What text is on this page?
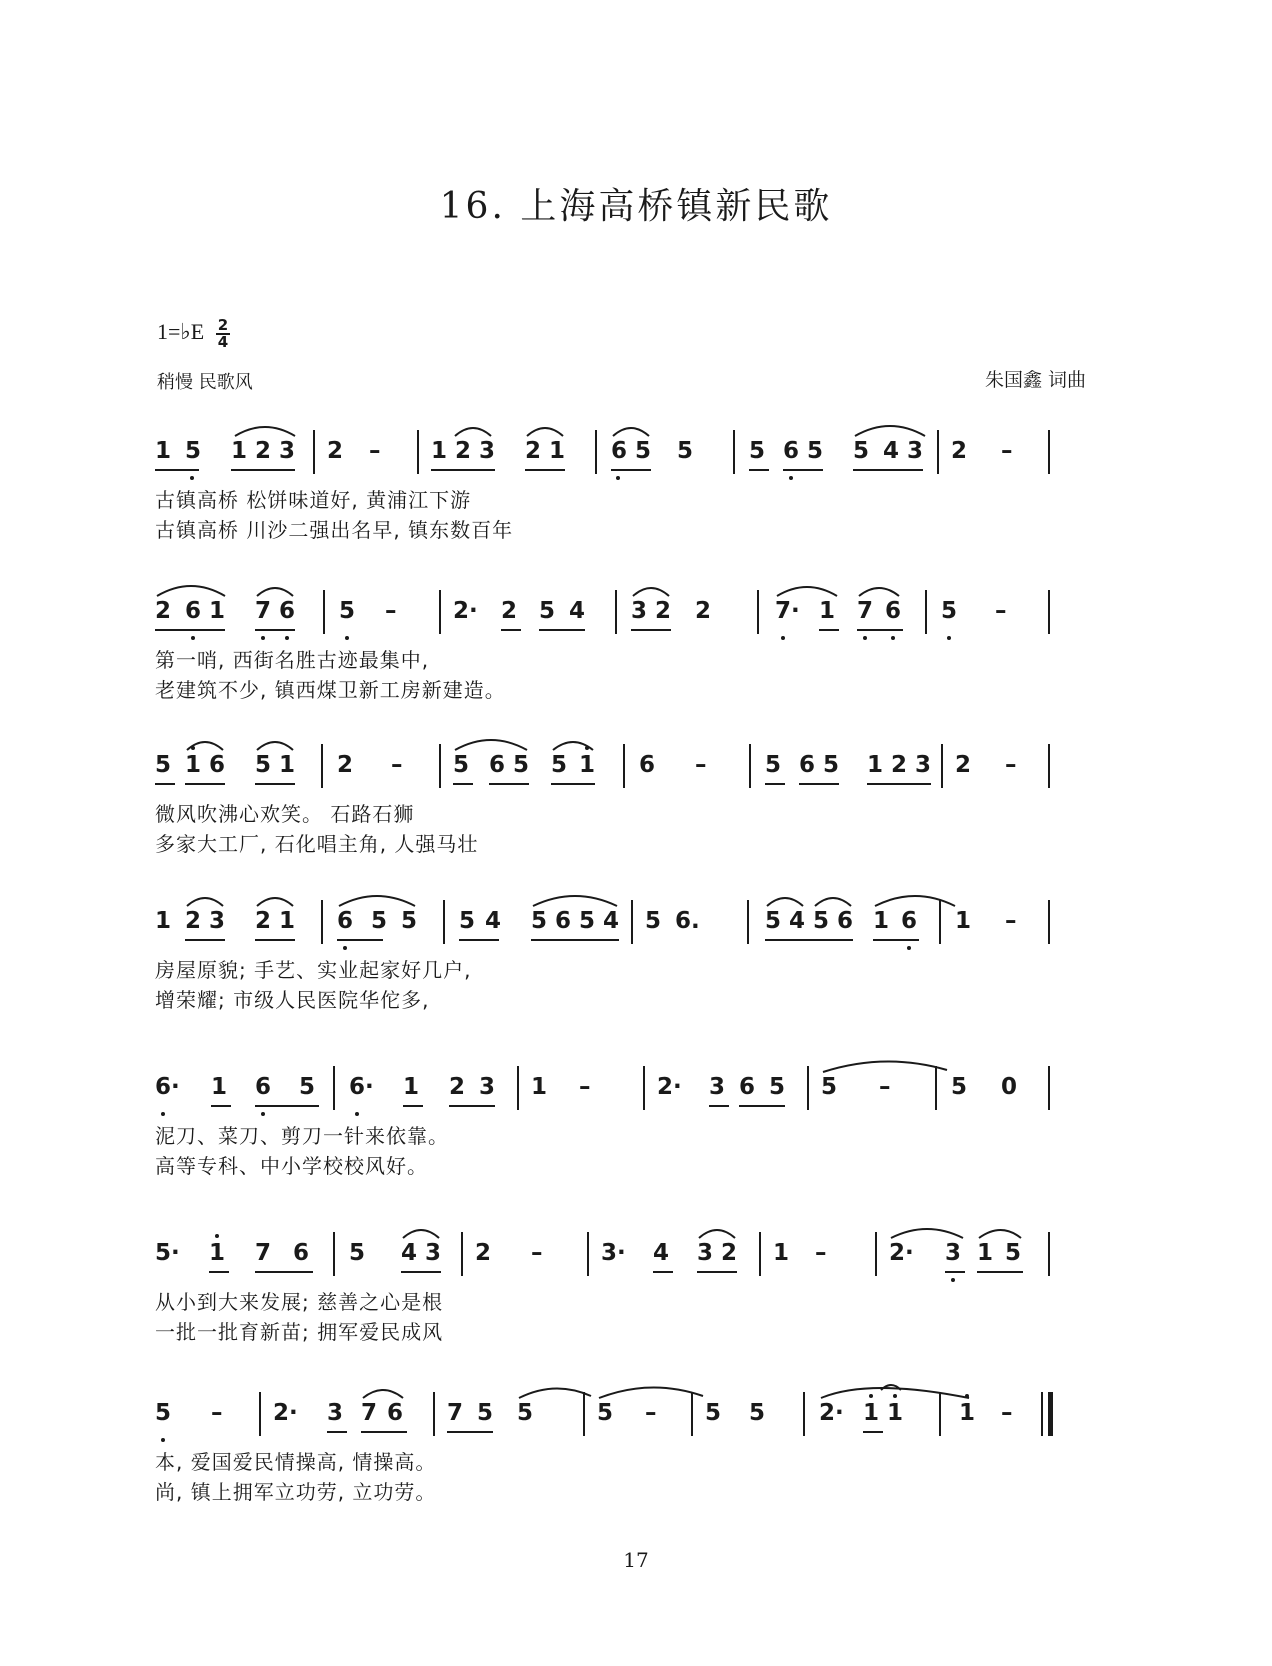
16. 上海高桥镇新民歌
1=♭E $\frac{2}{4}$
稍慢 民歌风	朱国鑫 词曲
1 5 1 2 3 2 – 1 2 3 2 1 6 5 5 5 6 5 5 4 3 2 –
古镇高桥 松饼味道好, 黄浦江下游
古镇高桥 川沙二强出名早, 镇东数百年
2 6 1 7 6 5 – 2· 2 5 4 3 2 2	7· 1 7 6 5 –
第一哨, 西街名胜古迹最集中,
老建筑不少, 镇西煤卫新工房新建造。
5 1 6 5 1 2 – 5 6 5 5 1 6 –	5 6 5 1 2 3 2 –
微风吹沸心欢笑。 石路石狮
多家大工厂, 石化唱主角, 人强马壮
1 2 3 2 1 6 5 5 5 4 5 6 5 4 5 6.	5 4 5 6 1 6 1 –
房屋原貌; 手艺、实业起家好几户,
增荣耀; 市级人民医院华佗多,
6· 1 6 5 6· 1 2 3 1 –	2· 3 6 5 5 –	5 0
泥刀、菜刀、剪刀一针来依靠。
高等专科、中小学校校风好。
5· 1 7 6 5 4 3 2 –	3· 4 3 2 1 –	2· 3 1 5
从小到大来发展; 慈善之心是根
一批一批育新苗; 拥军爱民成风
5 – 2· 3 7 6 7 5 5	5 – 5 5 2· 1 1 1 –
本, 爱国爱民情操高, 情操高。
尚, 镇上拥军立功劳, 立功劳。
17
